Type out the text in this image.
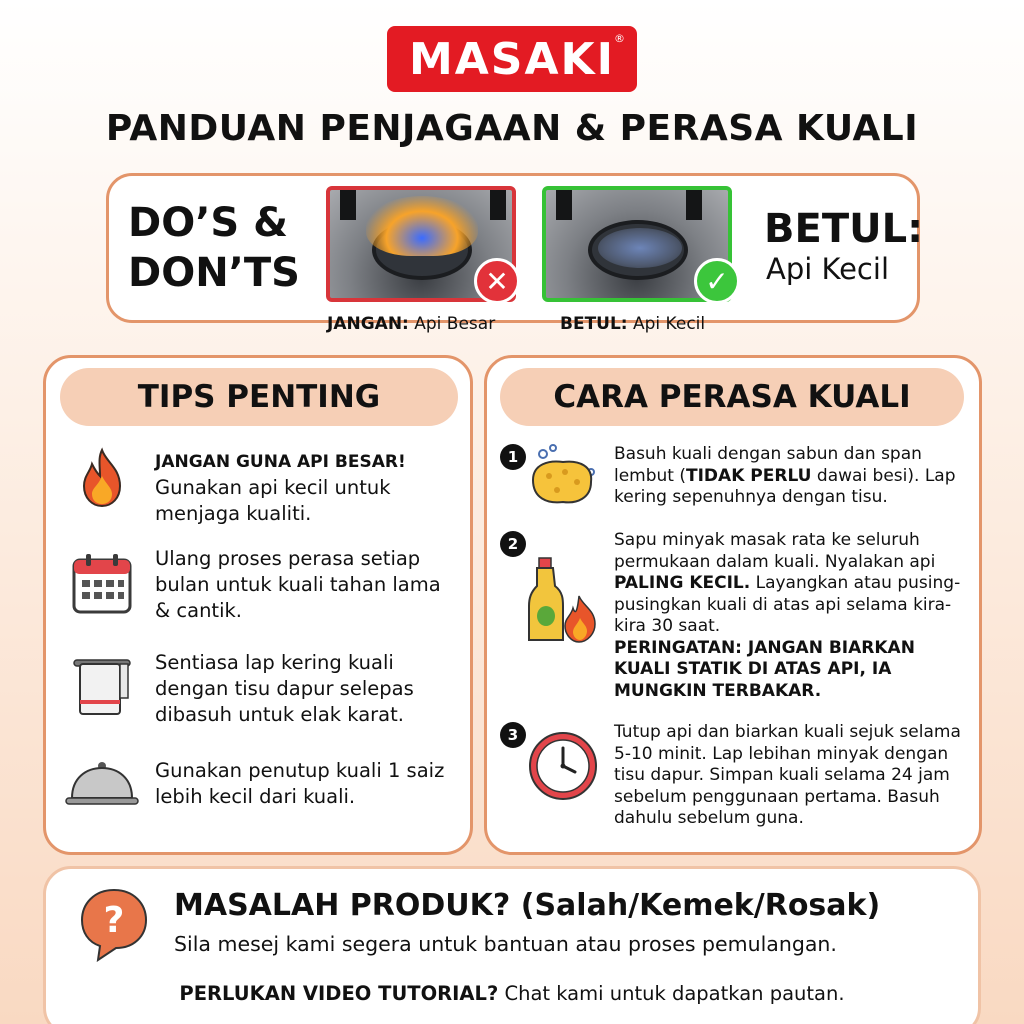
MASAKI
®
PANDUAN PENJAGAAN & PERASA KUALI
DO’S &
DON’TS	✕	✓
JANGAN: Api Besar	BETUL: Api Kecil
BETUL:
Api Kecil
TIPS PENTING
JANGAN GUNA API BESAR!
Gunakan api kecil untuk menjaga kualiti.
Ulang proses perasa setiap bulan untuk kuali tahan lama & cantik.
Sentiasa lap kering kuali dengan tisu dapur selepas dibasuh untuk elak karat.
Gunakan penutup kuali 1 saiz lebih kecil dari kuali.
CARA PERASA KUALI
1	Basuh kuali dengan sabun dan span lembut (TIDAK PERLU dawai besi). Lap kering sepenuhnya dengan tisu.
2	Sapu minyak masak rata ke seluruh permukaan dalam kuali. Nyalakan api PALING KECIL. Layangkan atau pusing-pusingkan kuali di atas api selama kira-kira 30 saat.
PERINGATAN: JANGAN BIARKAN KUALI STATIK DI ATAS API, IA MUNGKIN TERBAKAR.
3	Tutup api dan biarkan kuali sejuk selama 5-10 minit. Lap lebihan minyak dengan tisu dapur. Simpan kuali selama 24 jam sebelum penggunaan pertama. Basuh dahulu sebelum guna.
? MASALAH PRODUK? (Salah/Kemek/Rosak)
Sila mesej kami segera untuk bantuan atau proses pemulangan.
PERLUKAN VIDEO TUTORIAL? Chat kami untuk dapatkan pautan.
